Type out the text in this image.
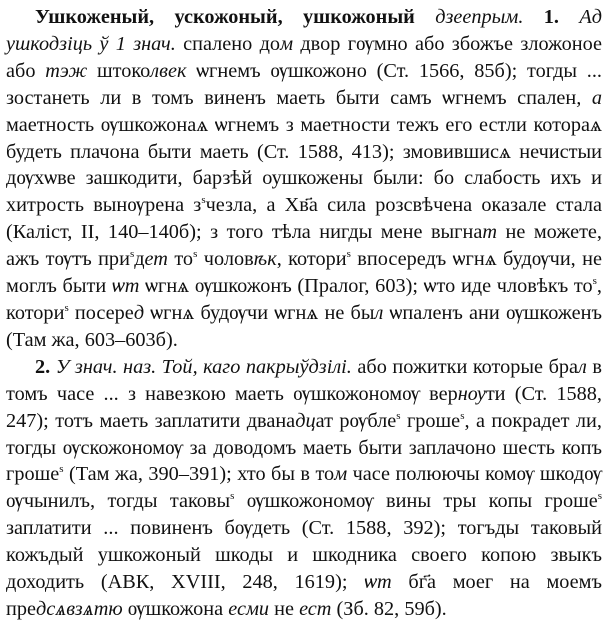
Ушкоженый, ускожоный, ушкожоный дзеепрым. 1. Ад ушкодзіць ў 1 знач. спалено дом двор гѹмно або збожъе зложоное або тэж штоколвек ѡгнемъ ѹшкожоно (Ст. 1566, 85б); тогды ... зостанеть ли в томъ виненъ маеть быти самъ ѡгнемъ спален, а маетность ѹшкожонаѧ ѡгнемъ з маетности тежъ его естли котораѧ будеть плачона быти маеть (Ст. 1588, 413); змовившисѧ нечистыи дѹхѡве зашкодити, барзѣй оушкожены были: бо слабость ихъ и хитрость вынѹрена $з^sчезла$, а Хв҃а сила розсвѣчена оказале стала (Каліст, ІІ, 140–140б); з того тѣла нигды мене выгнат не можете, ажъ тѹтъ при$^s$дет $то^s$ чоловѣк, котори$^s$ впосередъ ѡгнѧ будѹчи, не моглъ быти ѡт ѡгнѧ ѹшкожонъ (Пралог, 603); ѡто иде чловѣкъ $то^s$, котори$^s$ посеред ѡгнѧ будѹчи ѡгнѧ не был ѡпаленъ ани ѹшкоженъ (Там жа, 603–603б).

2. У знач. наз. Той, каго пакрыўдзілі. або пожитки которые брал в томъ часе ... з навезкою маеть ѹшкожономѹ вернѹти (Ст. 1588, 247); тотъ маеть заплатити дванадцат рѹбле$^s$ гроше$^s$, а покрадет ли, тогды ѹскожономѹ за доводомъ маеть быти заплачоно шесть копъ гроше$^s$ (Там жа, 390–391); хто бы в том часе полюючы комѹ шкодѹ ѹчынилъ, тогды таковы$^s$ ѹшкожономѹ вины тры копы гроше$^s$ заплатити ... повиненъ бѹдеть (Ст. 1588, 392); тогъды таковый кожъдый ушкожоный шкоды и шкодника своего копою звыкъ доходить (АВК, XVIII, 248, 1619); ѡт бг҃а моег на моемъ предсѧвзѧтю ѹшкожона есми не ест (Зб. 82, 59б).
